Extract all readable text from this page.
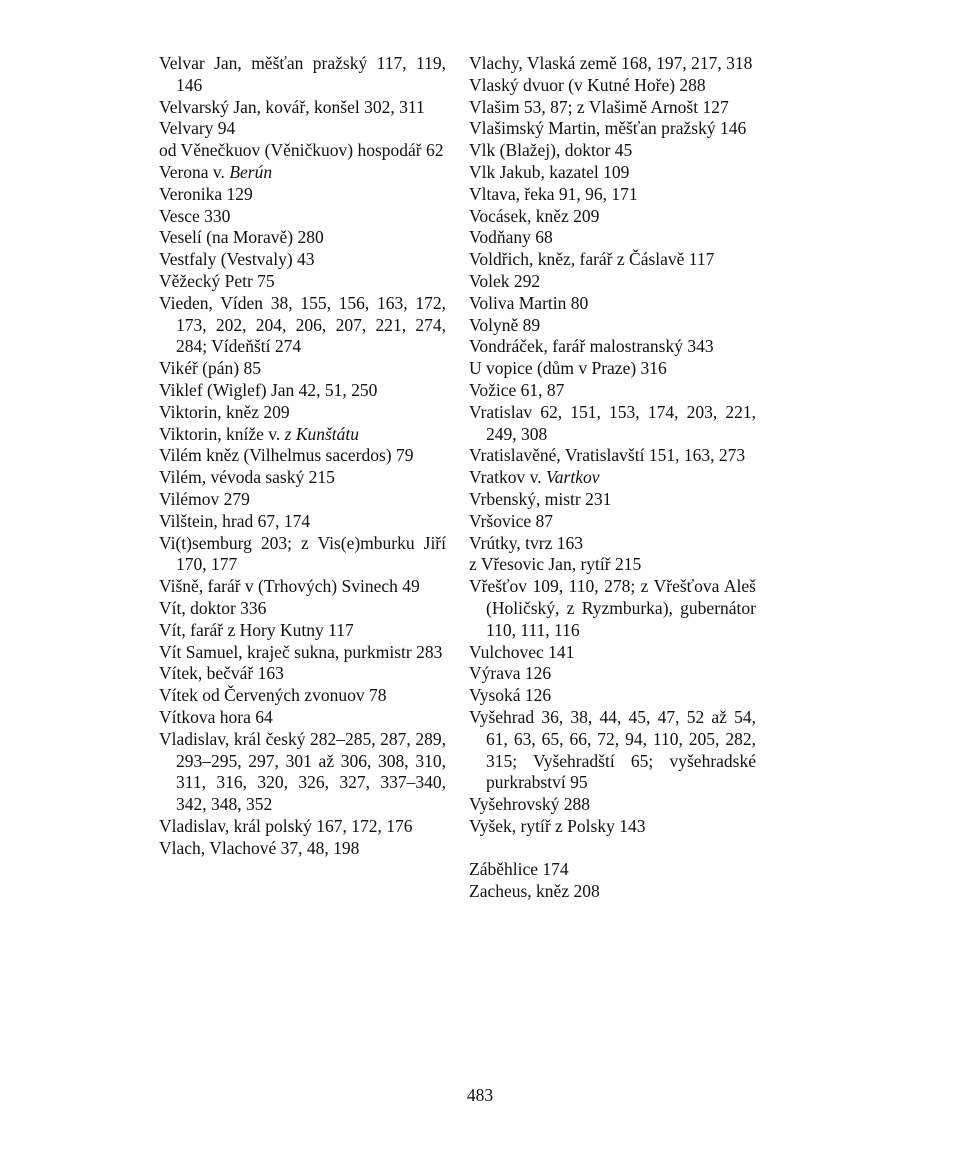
Velvar Jan, měšťan pražský 117, 119, 146

Velvarský Jan, kovář, konšel 302, 311

Velvary 94

od Věnečkuov (Věničkuov) hospodář 62

Verona v. Berún

Veronika 129

Vesce 330

Veselí (na Moravě) 280

Vestfaly (Vestvaly) 43

Věžecký Petr 75

Vieden, Víden 38, 155, 156, 163, 172, 173, 202, 204, 206, 207, 221, 274, 284; Vídeňští 274

Vikéř (pán) 85

Viklef (Wiglef) Jan 42, 51, 250

Viktorin, kněz 209

Viktorin, kníže v. z Kunštátu

Vilém kněz (Vilhelmus sacerdos) 79

Vilém, vévoda saský 215

Vilémov 279

Vilštein, hrad 67, 174

Vi(t)semburg 203; z Vis(e)mburku Jiří 170, 177

Višně, farář v (Trhových) Svinech 49

Vít, doktor 336

Vít, farář z Hory Kutny 117

Vít Samuel, kraječ sukna, purkmistr 283

Vítek, bečvář 163

Vítek od Červených zvonuov 78

Vítkova hora 64

Vladislav, král český 282–285, 287, 289, 293–295, 297, 301 až 306, 308, 310, 311, 316, 320, 326, 327, 337–340, 342, 348, 352

Vladislav, král polský 167, 172, 176

Vlach, Vlachové 37, 48, 198

Vlachy, Vlaská země 168, 197, 217, 318

Vlaský dvuor (v Kutné Hoře) 288

Vlašim 53, 87; z Vlašimě Arnošt 127

Vlašimský Martin, měšťan pražský 146

Vlk (Blažej), doktor 45

Vlk Jakub, kazatel 109

Vltava, řeka 91, 96, 171

Vocásek, kněz 209

Vodňany 68

Voldřich, kněz, farář z Čáslavě 117

Volek 292

Voliva Martin 80

Volyně 89

Vondráček, farář malostranský 343

U vopice (dům v Praze) 316

Vožice 61, 87

Vratislav 62, 151, 153, 174, 203, 221, 249, 308

Vratislavěné, Vratislavští 151, 163, 273

Vratkov v. Vartkov

Vrbenský, mistr 231

Vršovice 87

Vrútky, tvrz 163

z Vřesovic Jan, rytíř 215

Vřešťov 109, 110, 278; z Vřešťova Aleš (Holičský, z Ryzmburka), gubernátor 110, 111, 116

Vulchovec 141

Výrava 126

Vysoká 126

Vyšehrad 36, 38, 44, 45, 47, 52 až 54, 61, 63, 65, 66, 72, 94, 110, 205, 282, 315; Vyšehradští 65; vyšehradské purkrabství 95

Vyšehrovský 288

Vyšek, rytíř z Polsky 143

Záběhlice 174

Zacheus, kněz 208

483
